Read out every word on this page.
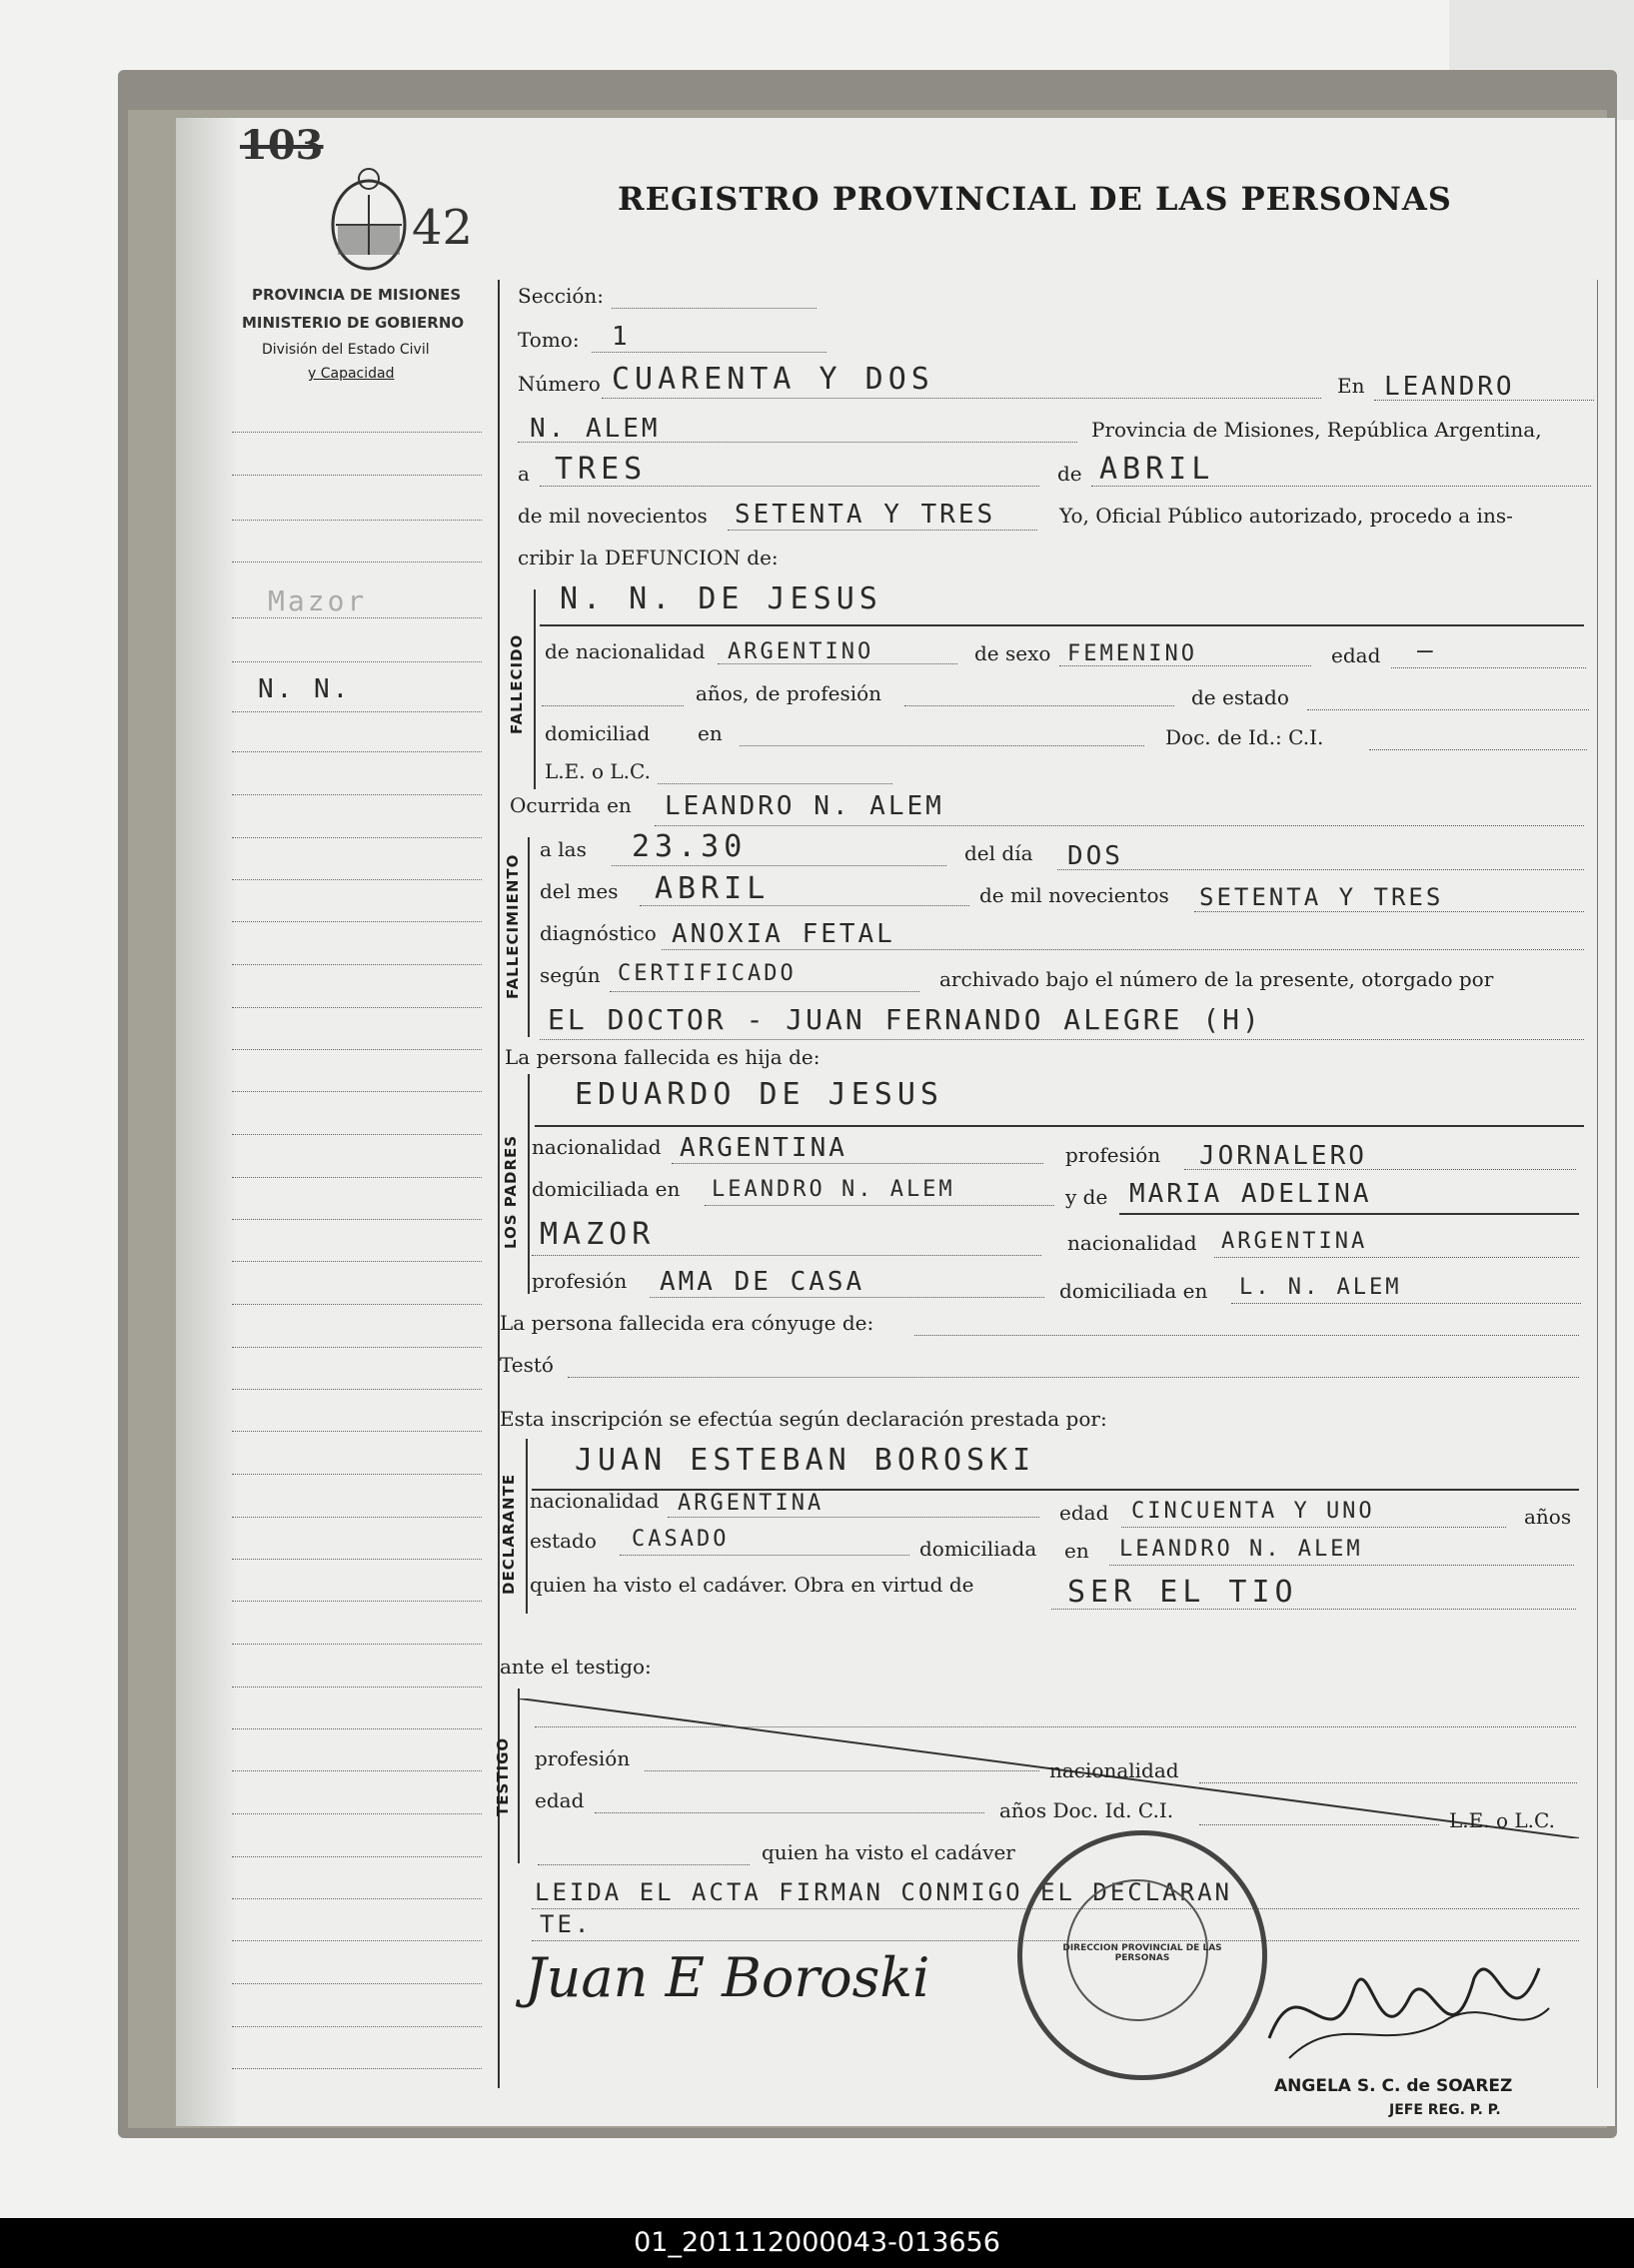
103
42
REGISTRO PROVINCIAL DE LAS PERSONAS
PROVINCIA DE MISIONES
MINISTERIO DE GOBIERNO
División del Estado Civil
y Capacidad
Mazor
N. N.
Sección:
Tomo: 1
Número CUARENTA Y DOS	En LEANDRO
N. ALEM	Provincia de Misiones, República Argentina,
a TRES	de ABRIL
de mil novecientos SETENTA Y TRES	Yo, Oficial Público autorizado, procedo a ins-
cribir la DEFUNCION de:
FALLECIDO
N. N. DE JESUS
de nacionalidad ARGENTINO	de sexo FEMENINO	edad —
años, de profesión	de estado
domiciliad en	Doc. de Id.: C.I.
L.E. o L.C.
Ocurrida en LEANDRO N. ALEM
FALLECIMIENTO
a las 23.30	del día DOS
del mes ABRIL	de mil novecientos SETENTA Y TRES
diagnóstico ANOXIA FETAL
según CERTIFICADO	archivado bajo el número de la presente, otorgado por
EL DOCTOR - JUAN FERNANDO ALEGRE (H)
La persona fallecida es hija de:
LOS PADRES
EDUARDO DE JESUS
nacionalidad ARGENTINA	profesión JORNALERO
domiciliada en LEANDRO N. ALEM	y de MARIA ADELINA
MAZOR	nacionalidad ARGENTINA
profesión AMA DE CASA	domiciliada en L. N. ALEM
La persona fallecida era cónyuge de:
Testó
Esta inscripción se efectúa según declaración prestada por:
DECLARANTE
JUAN ESTEBAN BOROSKI
nacionalidad ARGENTINA	edad CINCUENTA Y UNO	años
estado CASADO	domiciliada en LEANDRO N. ALEM
quien ha visto el cadáver. Obra en virtud de	SER EL TIO
ante el testigo:
TESTIGO profesión	nacionalidad
edad	años Doc. Id. C.I.	L.E. o L.C.
quien ha visto el cadáver
LEIDA EL ACTA FIRMAN CONMIGO EL DECLARAN
TE.
Juan E Boroski	DIRECCION PROVINCIAL DE LAS PERSONAS
ANGELA S. C. de SOAREZ
JEFE REG. P. P.
01_201112000043-013656
